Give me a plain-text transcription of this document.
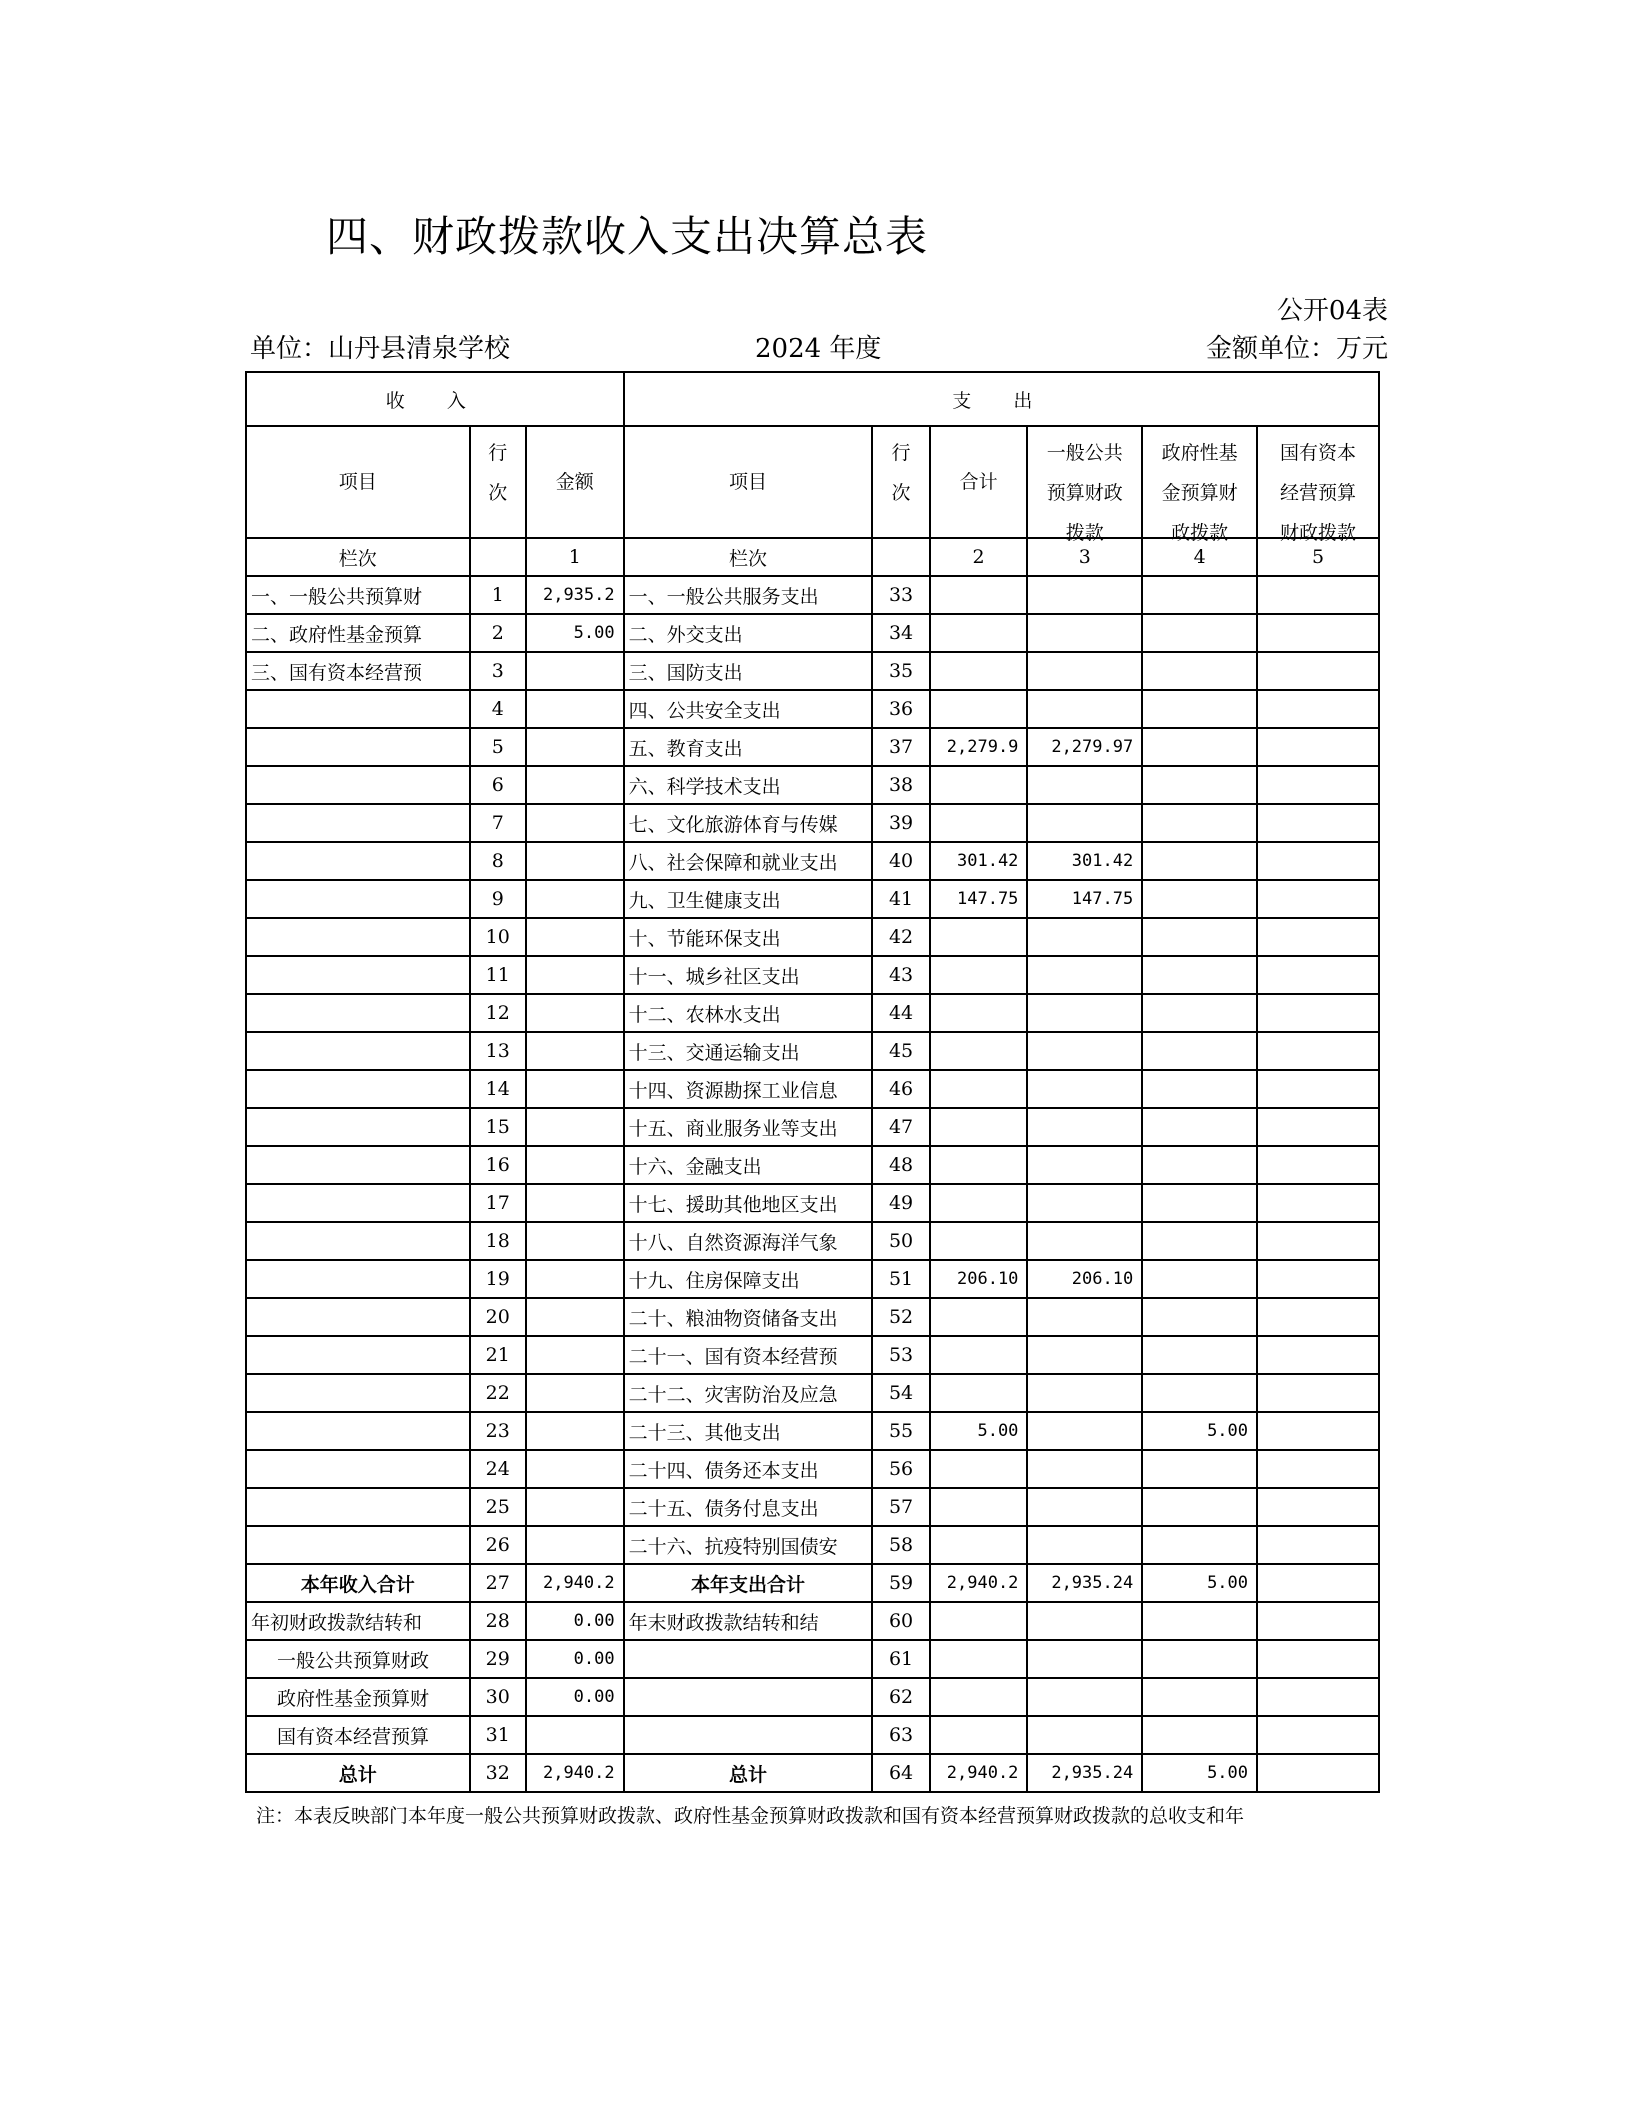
四、财政拨款收入支出决算总表
公开04表
单位：山丹县清泉学校	2024 年度	金额单位：万元
收 入			支 出					
项目	行次	金额	项目	行次	合计	一般公共预算财政拨款	政府性基金预算财政拨款	国有资本经营预算财政拨款

栏次		1	栏次		2	3	4	5
一、一般公共预算财	1	2,935.2	一、一般公共服务支出	33				
二、政府性基金预算	2	5.00	二、外交支出	34				
三、国有资本经营预	3		三、国防支出	35				
	4		四、公共安全支出	36				
	5		五、教育支出	37	2,279.9	2,279.97		
	6		六、科学技术支出	38				
	7		七、文化旅游体育与传媒	39				
	8		八、社会保障和就业支出	40	301.42	301.42		
	9		九、卫生健康支出	41	147.75	147.75		
	10		十、节能环保支出	42				
	11		十一、城乡社区支出	43				
	12		十二、农林水支出	44				
	13		十三、交通运输支出	45				
	14		十四、资源勘探工业信息	46				
	15		十五、商业服务业等支出	47				
	16		十六、金融支出	48				
	17		十七、援助其他地区支出	49				
	18		十八、自然资源海洋气象	50				
	19		十九、住房保障支出	51	206.10	206.10		
	20		二十、粮油物资储备支出	52				
	21		二十一、国有资本经营预	53				
	22		二十二、灾害防治及应急	54				
	23		二十三、其他支出	55	5.00		5.00	
	24		二十四、债务还本支出	56				
	25		二十五、债务付息支出	57				
	26		二十六、抗疫特别国债安	58				
本年收入合计	27	2,940.2	本年支出合计	59	2,940.2	2,935.24	5.00	
年初财政拨款结转和	28	0.00	年末财政拨款结转和结	60				
一般公共预算财政	29	0.00		61				
政府性基金预算财	30	0.00		62				
国有资本经营预算	31			63				
总计	32	2,940.2	总计	64	2,940.2	2,935.24	5.00	
注：本表反映部门本年度一般公共预算财政拨款、政府性基金预算财政拨款和国有资本经营预算财政拨款的总收支和年
